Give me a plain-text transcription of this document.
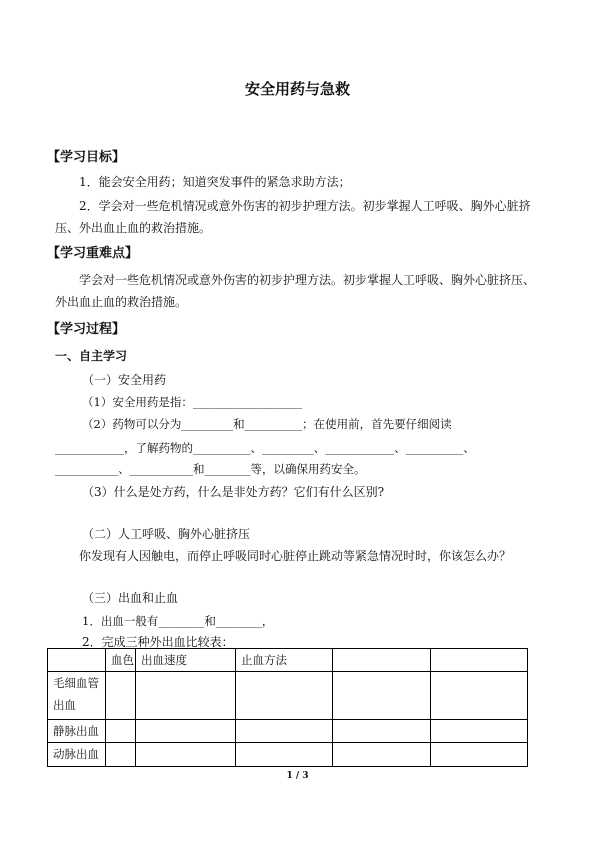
安全用药与急救
【学习目标】
1．能会安全用药；知道突发事件的紧急求助方法；
2．学会对一些危机情况或意外伤害的初步护理方法。初步掌握人工呼吸、胸外心脏挤
压、外出血止血的救治措施。
【学习重难点】
学会对一些危机情况或意外伤害的初步护理方法。初步掌握人工呼吸、胸外心脏挤压、
外出血止血的救治措施。
【学习过程】
一、自主学习
（一）安全用药
（1）安全用药是指：___________________
（2）药物可以分为_________和__________；在使用前，首先要仔细阅读
____________，了解药物的__________、_________、____________、__________、
___________、___________和________等，以确保用药安全。
（3）什么是处方药，什么是非处方药？它们有什么区别?
（二）人工呼吸、胸外心脏挤压
你发现有人因触电，而停止呼吸同时心脏停止跳动等紧急情况时时，你该怎么办？
（三）出血和止血
1．出血一般有________和________，
2．完成三种外出血比较表：
	血色	出血速度	止血方法		
毛细血管出血					
静脉出血					
动脉出血					
1 / 3
